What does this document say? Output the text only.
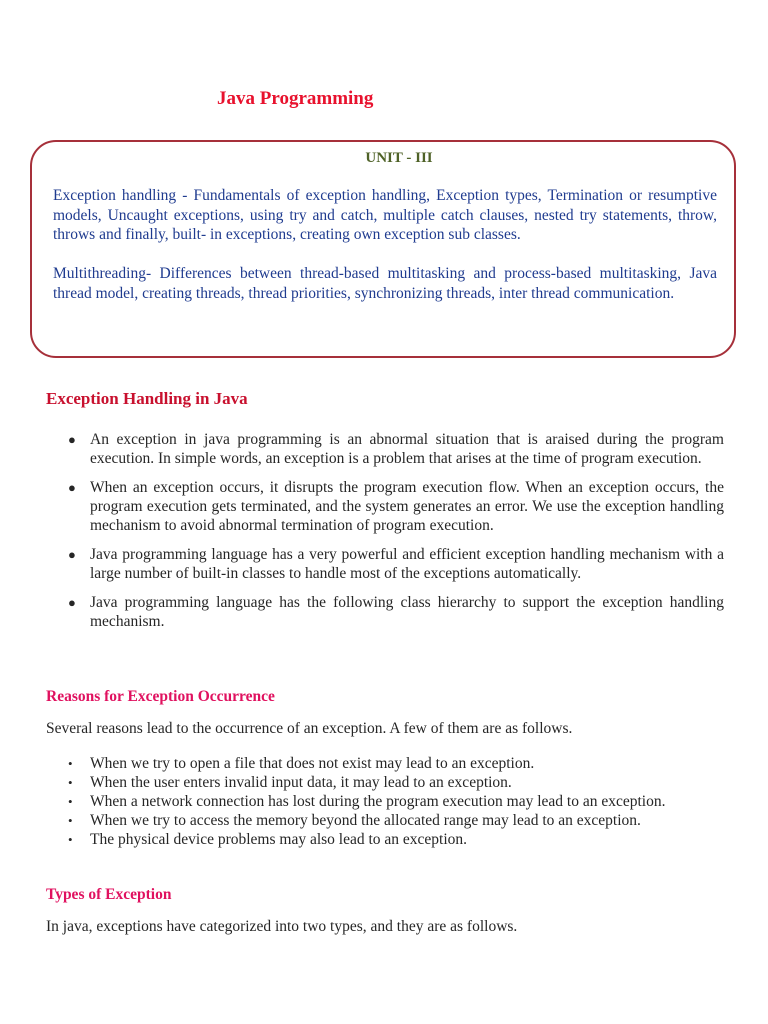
Java Programming
UNIT - III

Exception handling - Fundamentals of exception handling, Exception types, Termination or resumptive models, Uncaught exceptions, using try and catch, multiple catch clauses, nested try statements, throw, throws and finally, built- in exceptions, creating own exception sub classes.

Multithreading- Differences between thread-based multitasking and process-based multitasking, Java thread model, creating threads, thread priorities, synchronizing threads, inter thread communication.

Exception Handling in Java
● An exception in java programming is an abnormal situation that is araised during the program execution. In simple words, an exception is a problem that arises at the time of program execution.
● When an exception occurs, it disrupts the program execution flow. When an exception occurs, the program execution gets terminated, and the system generates an error. We use the exception handling mechanism to avoid abnormal termination of program execution.
● Java programming language has a very powerful and efficient exception handling mechanism with a large number of built-in classes to handle most of the exceptions automatically.
● Java programming language has the following class hierarchy to support the exception handling mechanism.
Reasons for Exception Occurrence

Several reasons lead to the occurrence of an exception. A few of them are as follows.

• When we try to open a file that does not exist may lead to an exception.
• When the user enters invalid input data, it may lead to an exception.
• When a network connection has lost during the program execution may lead to an exception.
• When we try to access the memory beyond the allocated range may lead to an exception.
• The physical device problems may also lead to an exception.
Types of Exception

In java, exceptions have categorized into two types, and they are as follows.
